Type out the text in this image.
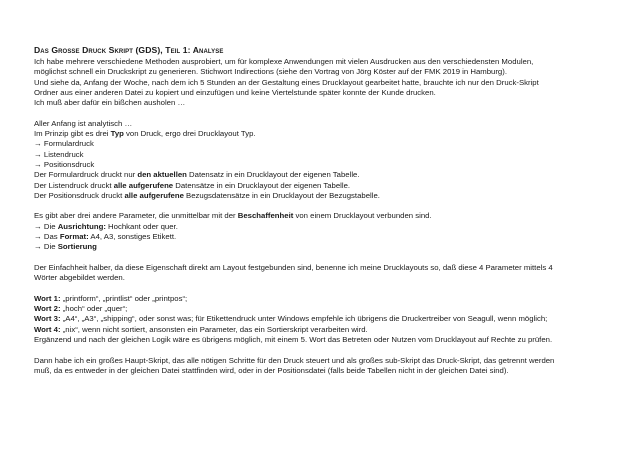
Das Grosse Druck Skript (GDS), Teil 1: Analyse

Ich habe mehrere verschiedene Methoden ausprobiert, um für komplexe Anwendungen mit vielen Ausdrucken aus den verschiedensten Modulen,

möglichst schnell ein Druckskript zu generieren. Stichwort Indirections (siehe den Vortrag von Jörg Köster auf der FMK 2019 in Hamburg).

Und siehe da, Anfang der Woche, nach dem ich 5 Stunden an der Gestaltung eines Drucklayout gearbeitet hatte, brauchte ich nur den Druck-Skript

Ordner aus einer anderen Datei zu kopiert und einzufügen und keine Viertelstunde später konnte der Kunde drucken.

Ich muß aber dafür ein bißchen ausholen …

Aller Anfang ist analytisch …

Im Prinzip gibt es drei Typ von Druck, ergo drei Drucklayout Typ.

→ Formulardruck

→ Listendruck

→ Positionsdruck

Der Formulardruck druckt nur den aktuellen Datensatz in ein Drucklayout der eigenen Tabelle.

Der Listendruck druckt alle aufgerufene Datensätze in ein Drucklayout der eigenen Tabelle.

Der Positionsdruck druckt alle aufgerufene Bezugsdatensätze in ein Drucklayout der Bezugstabelle.

Es gibt aber drei andere Parameter, die unmittelbar mit der Beschaffenheit von einem Drucklayout verbunden sind.

→ Die Ausrichtung: Hochkant oder quer.

→ Das Format: A4, A3, sonstiges Etikett.

→ Die Sortierung

Der Einfachheit halber, da diese Eigenschaft direkt am Layout festgebunden sind, benenne ich meine Drucklayouts so, daß diese 4 Parameter mittels 4

Wörter abgebildet werden.

Wort 1: „printform“, „printlist“ oder „printpos“;

Wort 2: „hoch“ oder „quer“;

Wort 3: „A4“, „A3“, „shipping“, oder sonst was; für Etikettendruck unter Windows empfehle ich übrigens die Druckertreiber von Seagull, wenn möglich;

Wort 4: „nix“, wenn nicht sortiert, ansonsten ein Parameter, das ein Sortierskript verarbeiten wird.

Ergänzend und nach der gleichen Logik wäre es übrigens möglich, mit einem 5. Wort das Betreten oder Nutzen vom Drucklayout auf Rechte zu prüfen.

Dann habe ich ein großes Haupt-Skript, das alle nötigen Schritte für den Druck steuert und als großes sub-Skript das Druck-Skript, das getrennt werden

muß, da es entweder in der gleichen Datei stattfinden wird, oder in der Positionsdatei (falls beide Tabellen nicht in der gleichen Datei sind).
